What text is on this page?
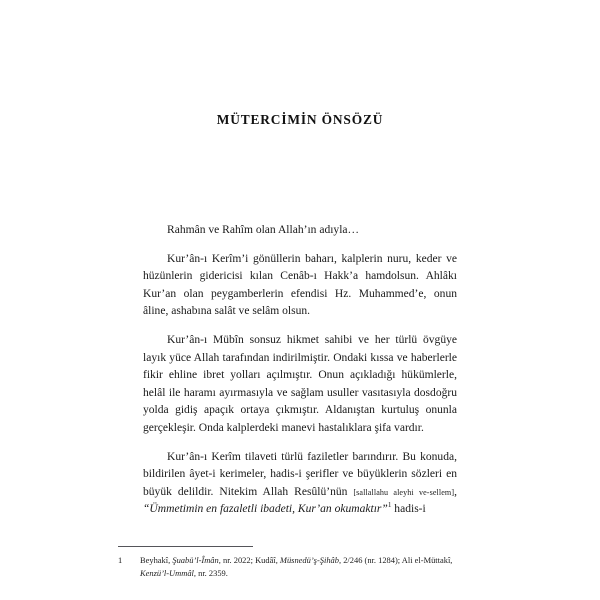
MÜTERCİMİN ÖNSÖZÜ

Rahmân ve Rahîm olan Allah’ın adıyla…

Kur’ân-ı Kerîm’i gönüllerin baharı, kalplerin nuru, keder ve hüzünlerin gidericisi kılan Cenâb-ı Hakk’a hamdolsun. Ahlâkı Kur’an olan peygamberlerin efendisi Hz. Muhammed’e, onun âline, ashabına salât ve selâm olsun.

Kur’ân-ı Mübîn sonsuz hikmet sahibi ve her türlü övgüye layık yüce Allah tarafından indirilmiştir. Ondaki kıssa ve haberlerle fikir ehline ibret yolları açılmıştır. Onun açıkladığı hükümlerle, helâl ile haramı ayırmasıyla ve sağlam usuller vasıtasıyla dosdoğru yolda gidiş apaçık ortaya çıkmıştır. Aldanıştan kurtuluş onunla gerçekleşir. Onda kalplerdeki manevi hastalıklara şifa vardır.

Kur’ân-ı Kerîm tilaveti türlü faziletler barındırır. Bu konuda, bildirilen âyet-i kerimeler, hadis-i şerifler ve büyüklerin sözleri en büyük delildir. Nitekim Allah Resûlü’nün [sallallahu aleyhi ve-sellem], “Ümmetimin en fazaletli ibadeti, Kur’an okumaktır”$^1$ hadis-i

1	Beyhakî, Şuabü’l-Îmân, nr. 2022; Kudâî, Müsnedü’ş-Şihâb, 2/246 (nr. 1284); Ali el-Müttakî, Kenzü’l-Ummâl, nr. 2359.
